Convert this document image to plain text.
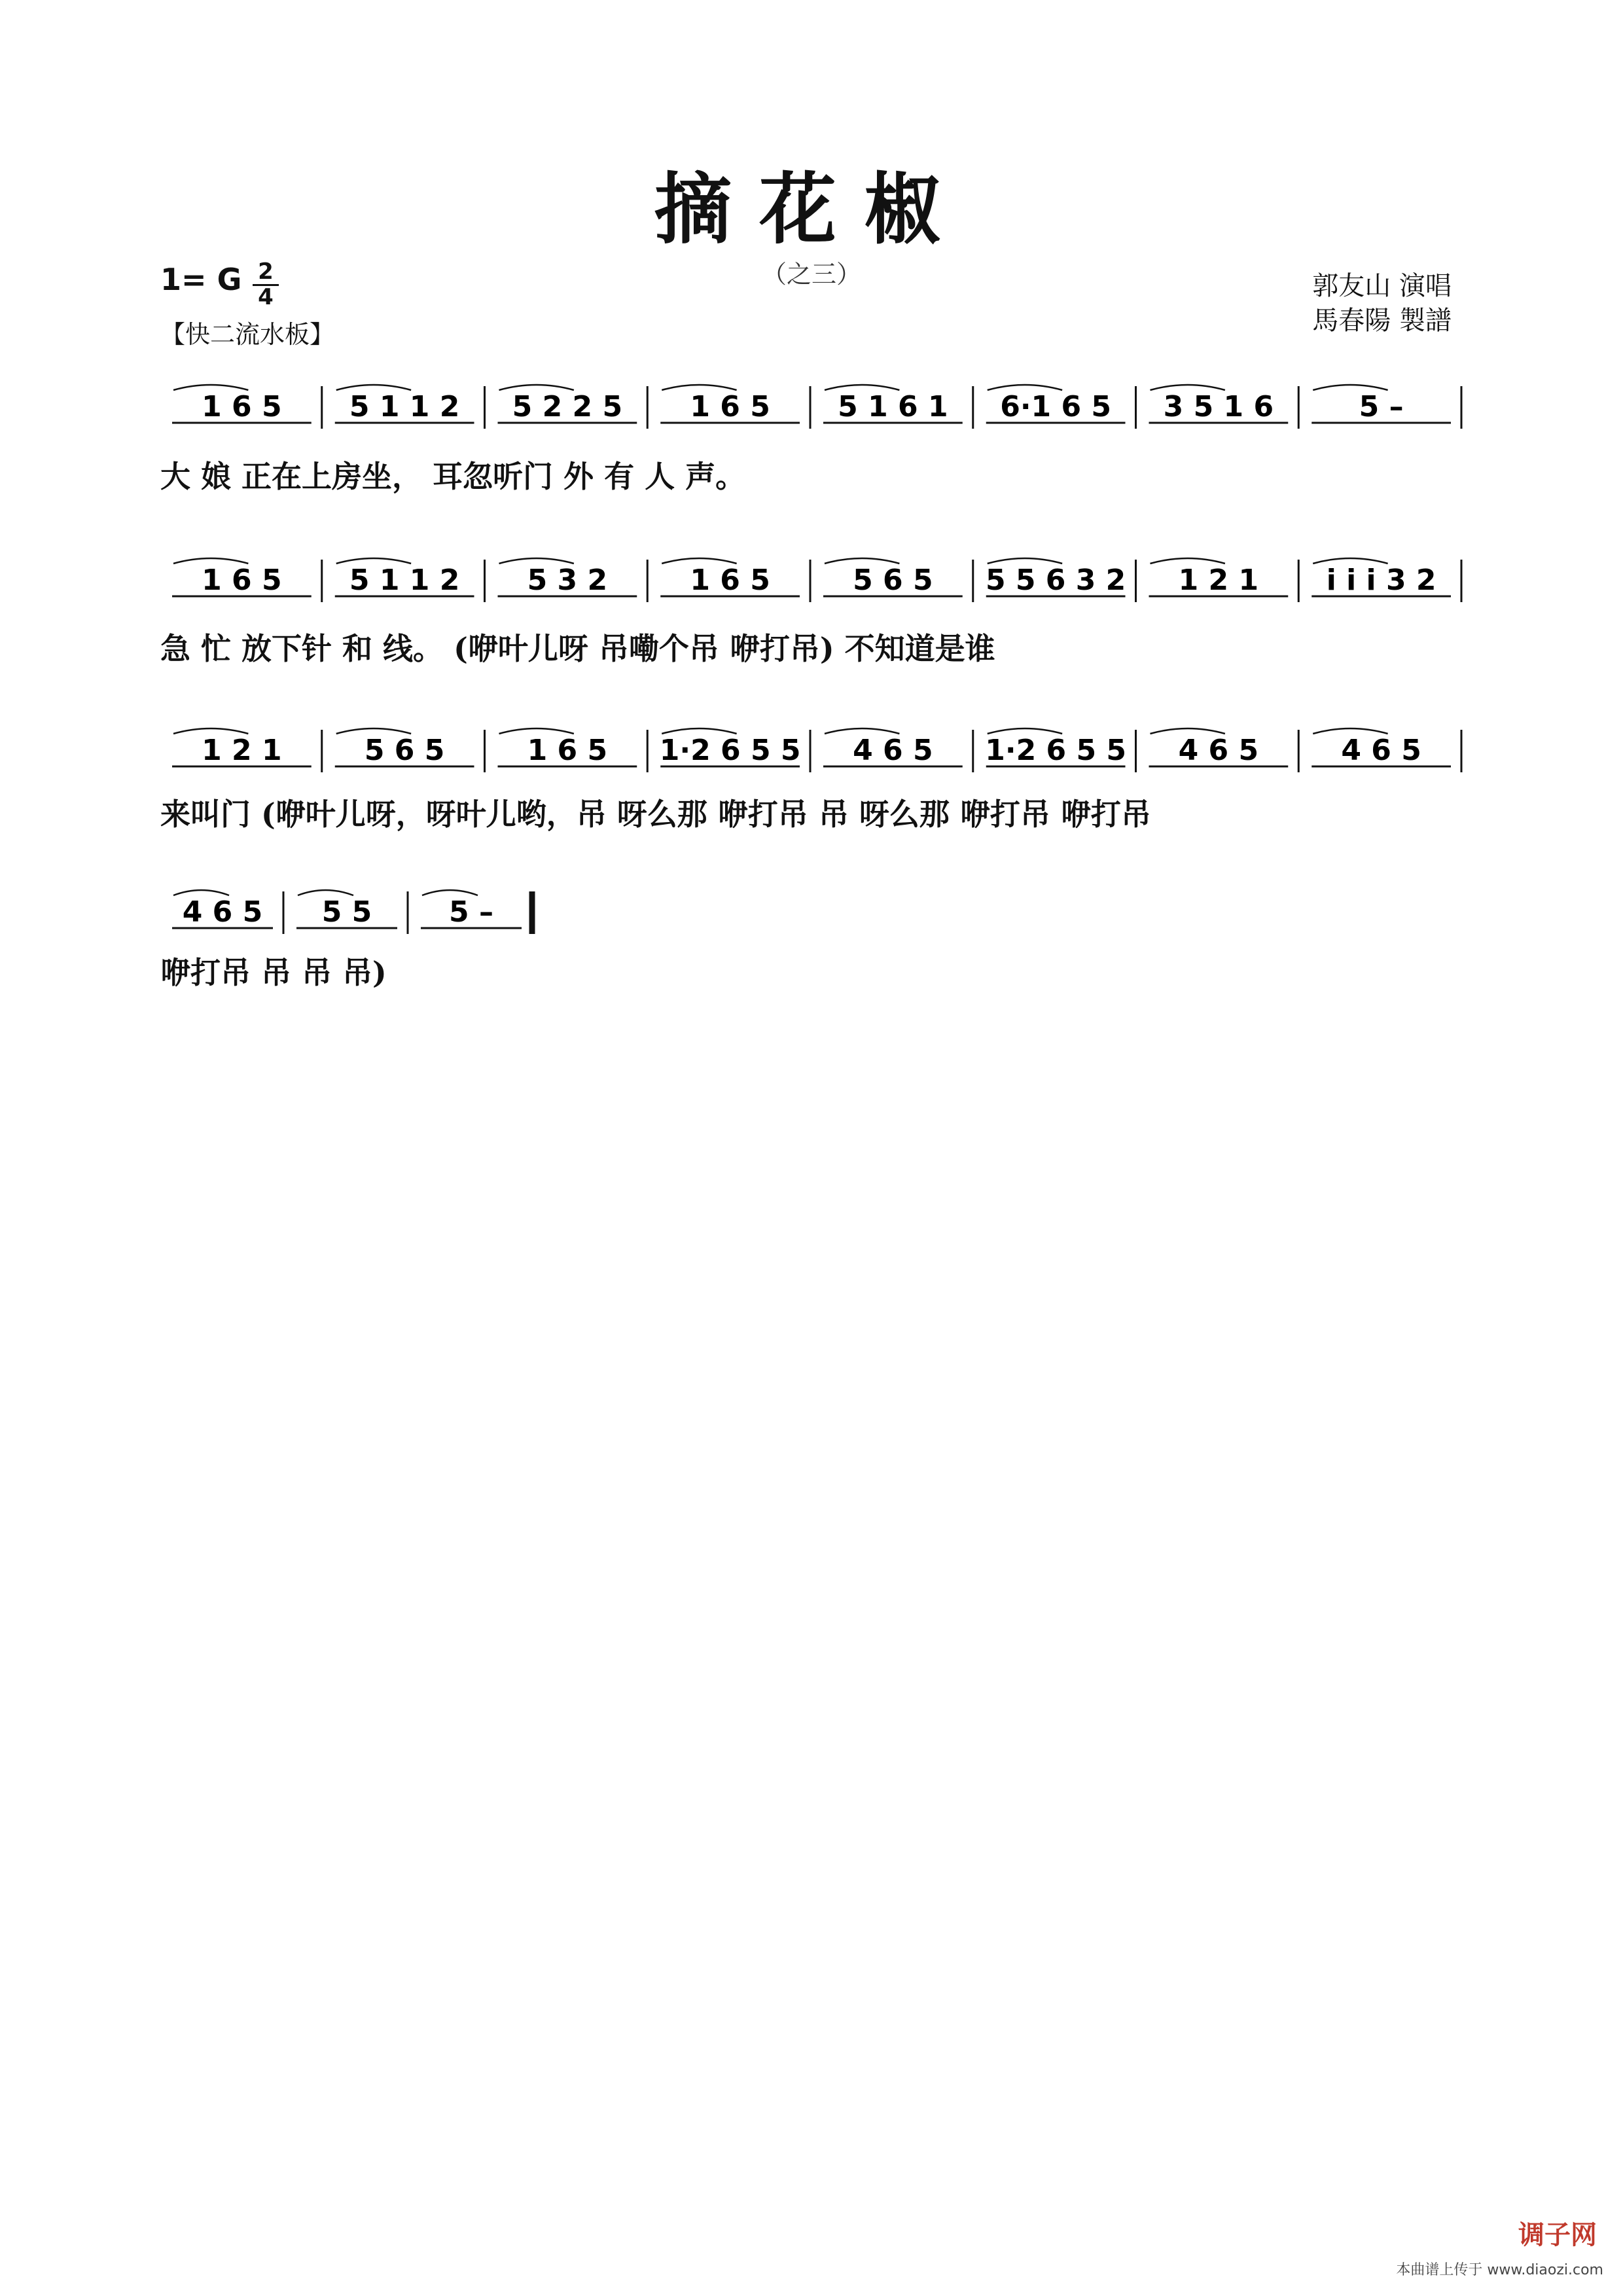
摘花椒
（之三）
1= G $\frac{2}{4}$
【快二流水板】
郭友山 演唱
馬春陽 製譜
1 6 5 5 1 1 2 5 2 2 5 1 6 5 5 1 6 1 6·1 6 5 3 5 1 6	5 –
大 娘 正在上房坐， 耳忽听门 外 有 人 声。
1 6 5 5 1 1 2 5 3 2	1 6 5	5 6 5 5 5 6 3 2 1 2 1 i i i 3 2
急 忙 放下针 和 线。 (咿叶儿呀 吊嘞个吊 咿打吊) 不知道是谁
1 2 1	5 6 5	1 6 5 1·2 6 5 5 4 6 5 1·2 6 5 5 4 6 5	4 6 5
来叫门 (咿叶儿呀，呀叶儿哟，吊 呀么那 咿打吊 吊 呀么那 咿打吊 咿打吊
4 6 5 5 5	5 –
咿打吊 吊 吊 吊)
调子网
本曲谱上传于 www.diaozi.com
